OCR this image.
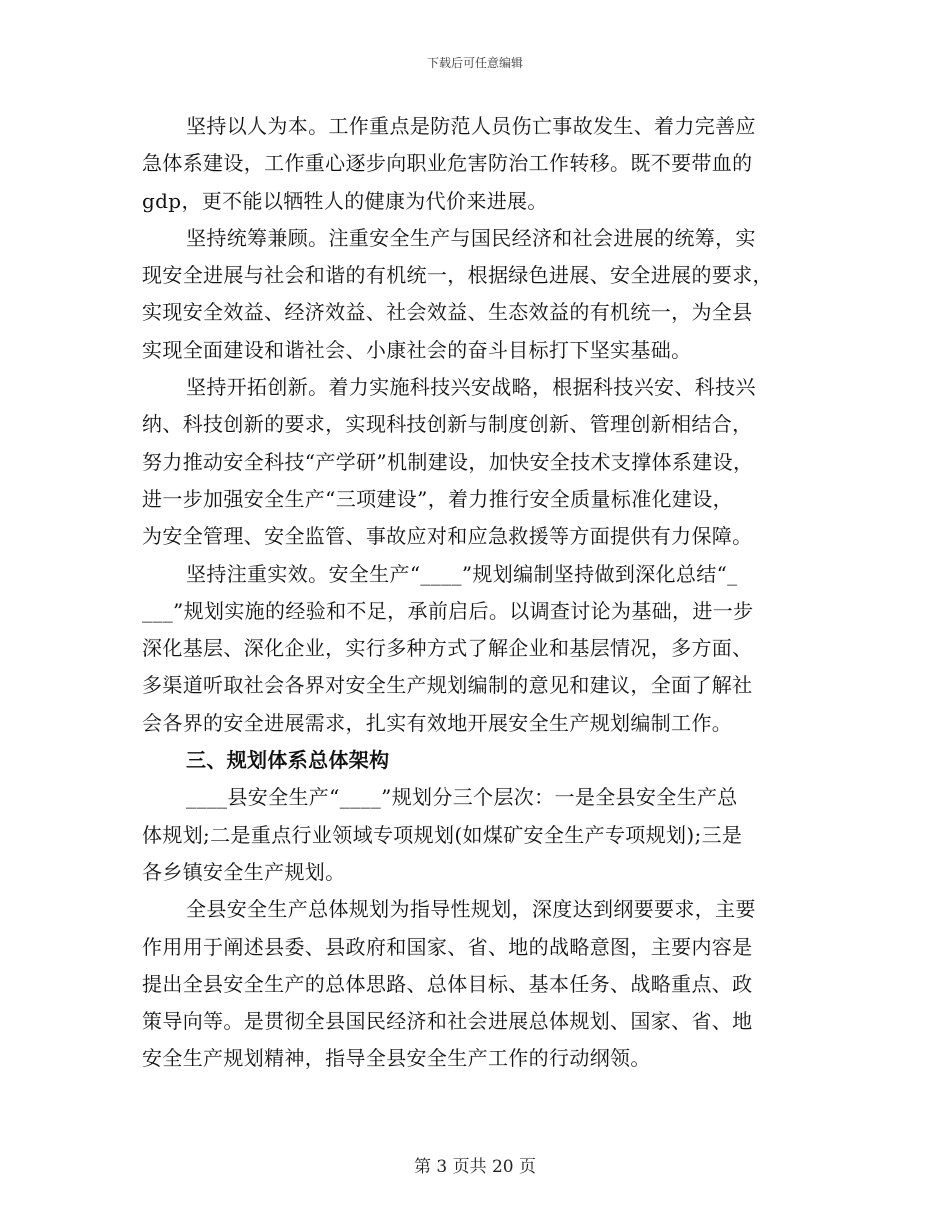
下载后可任意编辑
坚持以人为本。工作重点是防范人员伤亡事故发生、着力完善应
急体系建设，工作重心逐步向职业危害防治工作转移。既不要带血的
gdp，更不能以牺牲人的健康为代价来进展。
坚持统筹兼顾。注重安全生产与国民经济和社会进展的统筹，实
现安全进展与社会和谐的有机统一，根据绿色进展、安全进展的要求，
实现安全效益、经济效益、社会效益、生态效益的有机统一，为全县
实现全面建设和谐社会、小康社会的奋斗目标打下坚实基础。
坚持开拓创新。着力实施科技兴安战略，根据科技兴安、科技兴
纳、科技创新的要求，实现科技创新与制度创新、管理创新相结合，
努力推动安全科技“产学研”机制建设，加快安全技术支撑体系建设，
进一步加强安全生产“三项建设”，着力推行安全质量标准化建设，
为安全管理、安全监管、事故应对和应急救援等方面提供有力保障。
坚持注重实效。安全生产“____”规划编制坚持做到深化总结“_
___”规划实施的经验和不足，承前启后。以调查讨论为基础，进一步
深化基层、深化企业，实行多种方式了解企业和基层情况，多方面、
多渠道听取社会各界对安全生产规划编制的意见和建议，全面了解社
会各界的安全进展需求，扎实有效地开展安全生产规划编制工作。
三、规划体系总体架构
____县安全生产“____”规划分三个层次：一是全县安全生产总
体规划;二是重点行业领域专项规划(如煤矿安全生产专项规划);三是
各乡镇安全生产规划。
全县安全生产总体规划为指导性规划，深度达到纲要要求，主要
作用用于阐述县委、县政府和国家、省、地的战略意图，主要内容是
提出全县安全生产的总体思路、总体目标、基本任务、战略重点、政
策导向等。是贯彻全县国民经济和社会进展总体规划、国家、省、地
安全生产规划精神，指导全县安全生产工作的行动纲领。
第 3 页共 20 页
